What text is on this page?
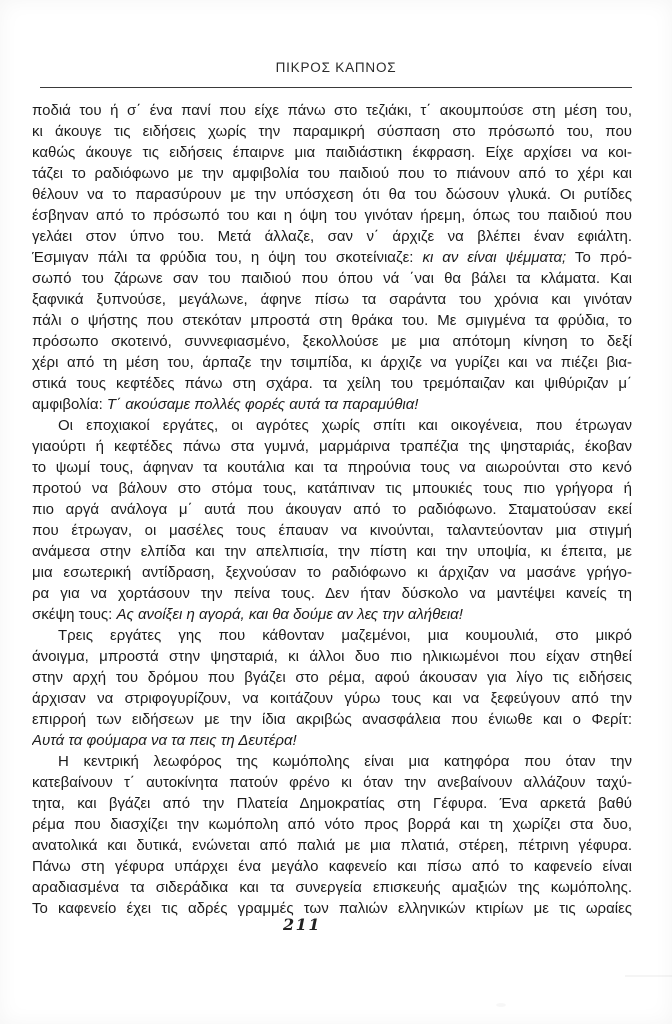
ΠΙΚΡΟΣ ΚΑΠΝΟΣ
ποδιά του ή σ΄ ένα πανί που είχε πάνω στο τεζιάκι, τ΄ ακουμπούσε στη μέση του,
κι άκουγε τις ειδήσεις χωρίς την παραμικρή σύσπαση στο πρόσωπό του, που
καθώς άκουγε τις ειδήσεις έπαιρνε μια παιδιάστικη έκφραση. Είχε αρχίσει να κοι-
τάζει το ραδιόφωνο με την αμφιβολία του παιδιού που το πιάνουν από το χέρι και
θέλουν να το παρασύρουν με την υπόσχεση ότι θα του δώσουν γλυκά. Οι ρυτίδες
έσβηναν από το πρόσωπό του και η όψη του γινόταν ήρεμη, όπως του παιδιού που
γελάει στον ύπνο του. Μετά άλλαζε, σαν ν΄ άρχιζε να βλέπει έναν εφιάλτη.
Έσμιγαν πάλι τα φρύδια του, η όψη του σκοτείνιαζε: κι αν είναι ψέμματα; Το πρό-
σωπό του ζάρωνε σαν του παιδιού που όπου νά ΄ναι θα βάλει τα κλάματα. Και
ξαφνικά ξυπνούσε, μεγάλωνε, άφηνε πίσω τα σαράντα του χρόνια και γινόταν
πάλι ο ψήστης που στεκόταν μπροστά στη θράκα του. Με σμιγμένα τα φρύδια, το
πρόσωπο σκοτεινό, συννεφιασμένο, ξεκολλούσε με μια απότομη κίνηση το δεξί
χέρι από τη μέση του, άρπαζε την τσιμπίδα, κι άρχιζε να γυρίζει και να πιέζει βια-
στικά τους κεφτέδες πάνω στη σχάρα. τα χείλη του τρεμόπαιζαν και ψιθύριζαν μ΄
αμφιβολία: Τ΄ ακούσαμε πολλές φορές αυτά τα παραμύθια!
Οι εποχιακοί εργάτες, οι αγρότες χωρίς σπίτι και οικογένεια, που έτρωγαν
γιαούρτι ή κεφτέδες πάνω στα γυμνά, μαρμάρινα τραπέζια της ψησταριάς, έκοβαν
το ψωμί τους, άφηναν τα κουτάλια και τα πηρούνια τους να αιωρούνται στο κενό
προτού να βάλουν στο στόμα τους, κατάπιναν τις μπουκιές τους πιο γρήγορα ή
πιο αργά ανάλογα μ΄ αυτά που άκουγαν από το ραδιόφωνο. Σταματούσαν εκεί
που έτρωγαν, οι μασέλες τους έπαυαν να κινούνται, ταλαντεύονταν μια στιγμή
ανάμεσα στην ελπίδα και την απελπισία, την πίστη και την υποψία, κι έπειτα, με
μια εσωτερική αντίδραση, ξεχνούσαν το ραδιόφωνο κι άρχιζαν να μασάνε γρήγο-
ρα για να χορτάσουν την πείνα τους. Δεν ήταν δύσκολο να μαντέψει κανείς τη
σκέψη τους: Ας ανοίξει η αγορά, και θα δούμε αν λες την αλήθεια!
Τρεις εργάτες γης που κάθονταν μαζεμένοι, μια κουμουλιά, στο μικρό
άνοιγμα, μπροστά στην ψησταριά, κι άλλοι δυο πιο ηλικιωμένοι που είχαν στηθεί
στην αρχή του δρόμου που βγάζει στο ρέμα, αφού άκουσαν για λίγο τις ειδήσεις
άρχισαν να στριφογυρίζουν, να κοιτάζουν γύρω τους και να ξεφεύγουν από την
επιρροή των ειδήσεων με την ίδια ακριβώς ανασφάλεια που ένιωθε και ο Φερίτ:
Αυτά τα φούμαρα να τα πεις τη Δευτέρα!
Η κεντρική λεωφόρος της κωμόπολης είναι μια κατηφόρα που όταν την
κατεβαίνουν τ΄ αυτοκίνητα πατούν φρένο κι όταν την ανεβαίνουν αλλάζουν ταχύ-
τητα, και βγάζει από την Πλατεία Δημοκρατίας στη Γέφυρα. Ένα αρκετά βαθύ
ρέμα που διασχίζει την κωμόπολη από νότο προς βορρά και τη χωρίζει στα δυο,
ανατολικά και δυτικά, ενώνεται από παλιά με μια πλατιά, στέρεη, πέτρινη γέφυρα.
Πάνω στη γέφυρα υπάρχει ένα μεγάλο καφενείο και πίσω από το καφενείο είναι
αραδιασμένα τα σιδεράδικα και τα συνεργεία επισκευής αμαξιών της κωμόπολης.
Το καφενείο έχει τις αδρές γραμμές των παλιών ελληνικών κτιρίων με τις ωραίες
211
